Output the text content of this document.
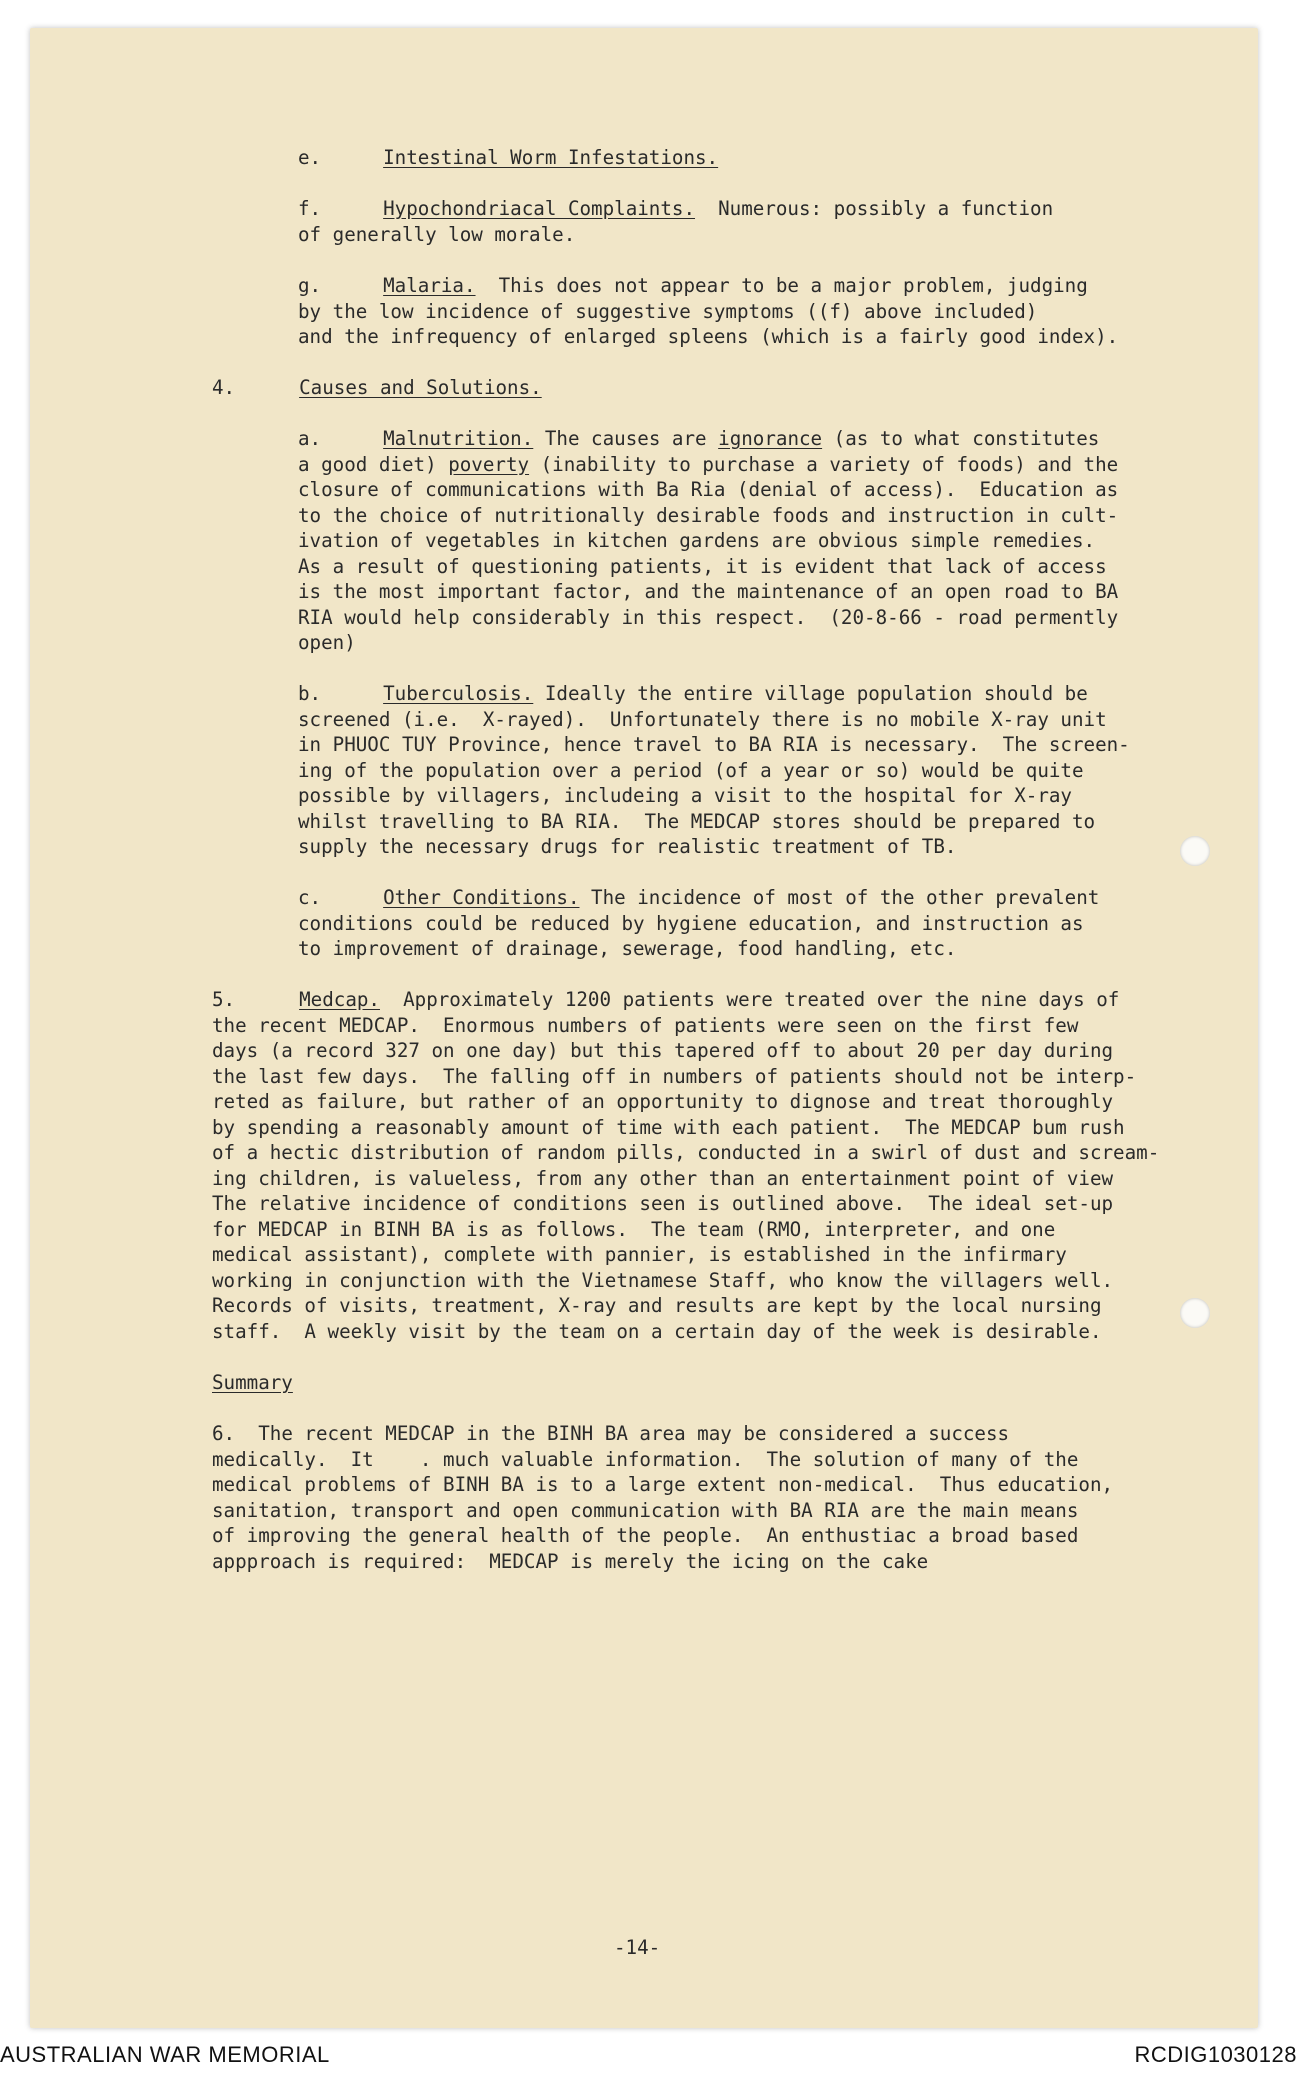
e.	Intestinal Worm Infestations.
f.	Hypochondriacal Complaints.  Numerous: possibly a function
of generally low morale.
g.	Malaria.  This does not appear to be a major problem, judging
by the low incidence of suggestive symptoms ((f) above included)
and the infrequency of enlarged spleens (which is a fairly good index).
4.	Causes and Solutions.
a.	Malnutrition. The causes are ignorance (as to what constitutes
a good diet) poverty (inability to purchase a variety of foods) and the
closure of communications with Ba Ria (denial of access).  Education as
to the choice of nutritionally desirable foods and instruction in cult-
ivation of vegetables in kitchen gardens are obvious simple remedies.
As a result of questioning patients, it is evident that lack of access
is the most important factor, and the maintenance of an open road to BA
RIA would help considerably in this respect.  (20-8-66 - road permently
open)
b.	Tuberculosis. Ideally the entire village population should be
screened (i.e.  X-rayed).  Unfortunately there is no mobile X-ray unit
in PHUOC TUY Province, hence travel to BA RIA is necessary.  The screen-
ing of the population over a period (of a year or so) would be quite
possible by villagers, includeing a visit to the hospital for X-ray
whilst travelling to BA RIA.  The MEDCAP stores should be prepared to
supply the necessary drugs for realistic treatment of TB.
c.	Other Conditions. The incidence of most of the other prevalent
conditions could be reduced by hygiene education, and instruction as
to improvement of drainage, sewerage, food handling, etc.
5.	Medcap.  Approximately 1200 patients were treated over the nine days of
the recent MEDCAP.  Enormous numbers of patients were seen on the first few
days (a record 327 on one day) but this tapered off to about 20 per day during
the last few days.  The falling off in numbers of patients should not be interp-
reted as failure, but rather of an opportunity to dignose and treat thoroughly
by spending a reasonably amount of time with each patient.  The MEDCAP bum rush
of a hectic distribution of random pills, conducted in a swirl of dust and scream-
ing children, is valueless, from any other than an entertainment point of view
The relative incidence of conditions seen is outlined above.  The ideal set-up
for MEDCAP in BINH BA is as follows.  The team (RMO, interpreter, and one
medical assistant), complete with pannier, is established in the infirmary
working in conjunction with the Vietnamese Staff, who know the villagers well.
Records of visits, treatment, X-ray and results are kept by the local nursing
staff.  A weekly visit by the team on a certain day of the week is desirable.
Summary
6.  The recent MEDCAP in the BINH BA area may be considered a success
medically.  It    . much valuable information.  The solution of many of the
medical problems of BINH BA is to a large extent non-medical.  Thus education,
sanitation, transport and open communication with BA RIA are the main means
of improving the general health of the people.  An enthustiac a broad based
appproach is required:  MEDCAP is merely the icing on the cake
-14-
AUSTRALIAN WAR MEMORIAL	RCDIG1030128
